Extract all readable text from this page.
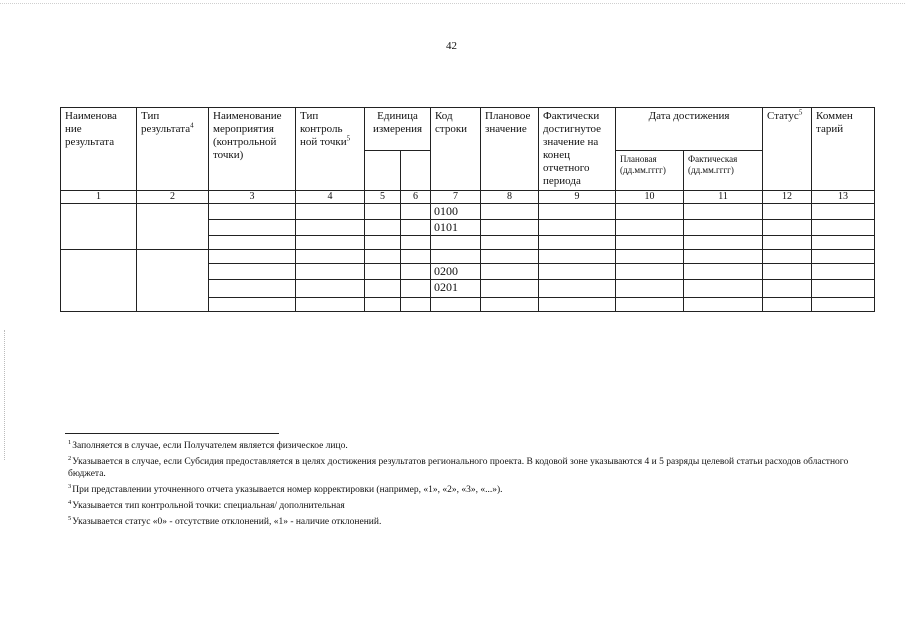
42
Наименова ние результата	Тип результата$^4$	Наименование мероприятия (контрольной точки)	Тип контроль ной точки$^5$	Единица измерения		Код строки	Плановое значение	Фактически достигнутое значение на конец отчетного периода	Дата достижения		Статус$^5$	Коммен тарий
									Плановая (дд.мм.гггг)	Фактическая (дд.мм.гггг)		
1	2	3	4	5	6	7	8	9	10	11	12	13
						0100						
						0101						

						0200						
						0201						

$^1$Заполняется в случае, если Получателем является физическое лицо.

$^2$Указывается в случае, если Субсидия предоставляется в целях достижения результатов регионального проекта. В кодовой зоне указываются 4 и 5 разряды целевой статьи расходов областного бюджета.

$^3$При представлении уточненного отчета указывается номер корректировки (например, «1», «2», «3», «...»).

$^4$Указывается тип контрольной точки: специальная/ дополнительная

$^5$Указывается статус «0» - отсутствие отклонений, «1» - наличие отклонений.
